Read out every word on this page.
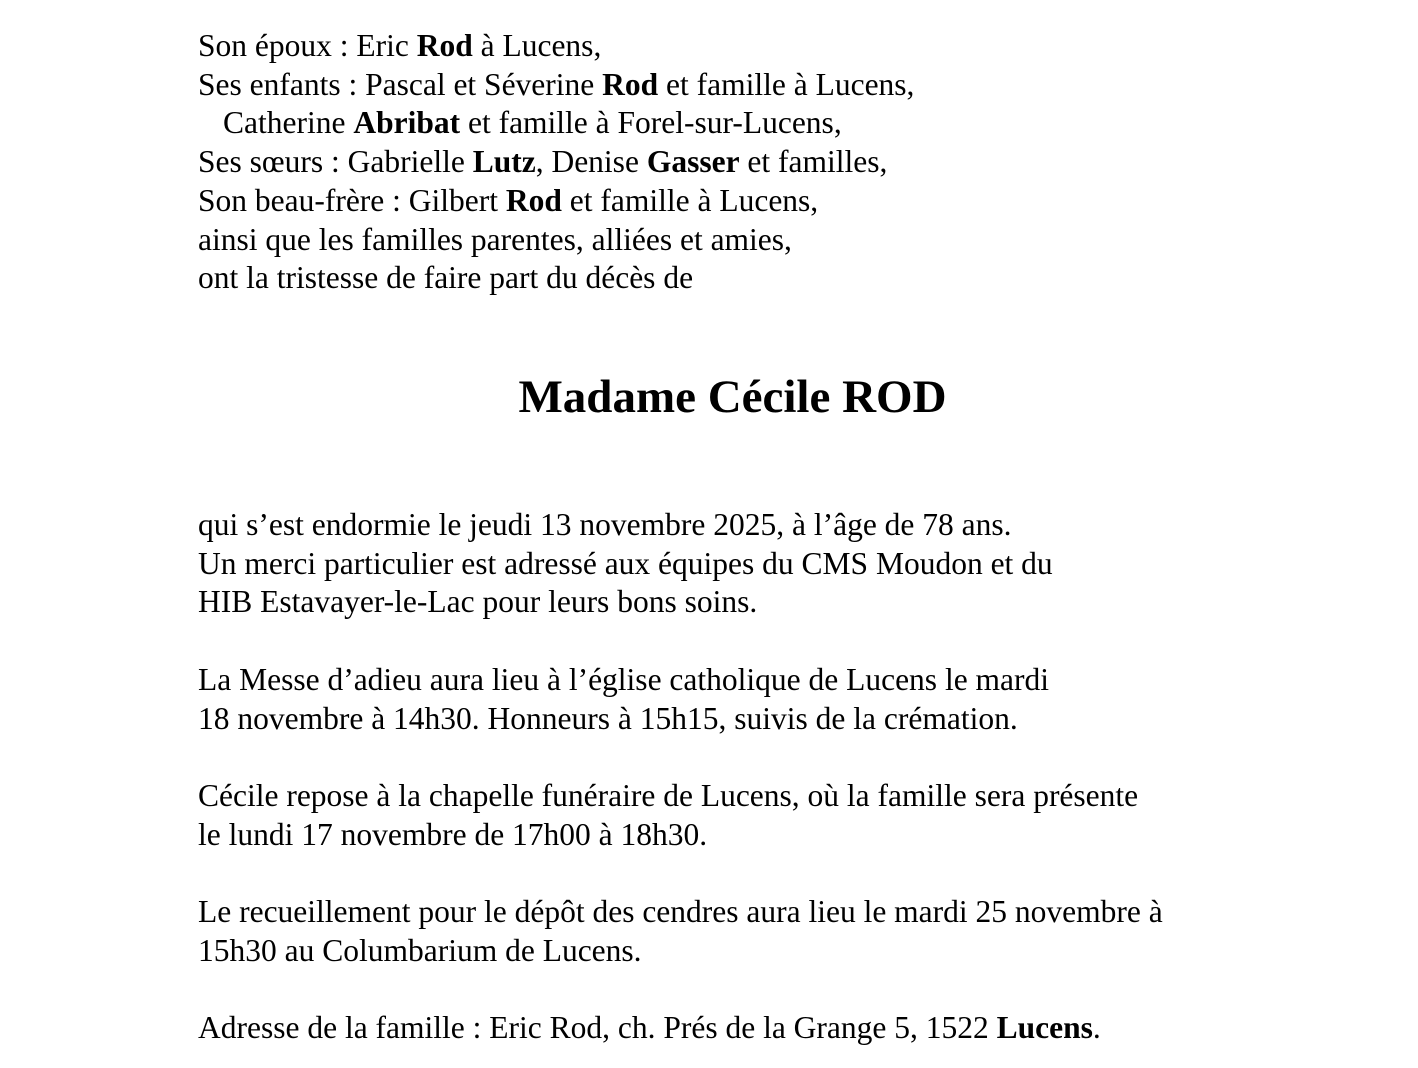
Son époux : Eric Rod à Lucens,
Ses enfants : Pascal et Séverine Rod et famille à Lucens,
Catherine Abribat et famille à Forel-sur-Lucens,
Ses sœurs : Gabrielle Lutz, Denise Gasser et familles,
Son beau-frère : Gilbert Rod et famille à Lucens,
ainsi que les familles parentes, alliées et amies,
ont la tristesse de faire part du décès de
Madame Cécile ROD
qui s’est endormie le jeudi 13 novembre 2025, à l’âge de 78 ans.
Un merci particulier est adressé aux équipes du CMS Moudon et du
HIB Estavayer-le-Lac pour leurs bons soins.
La Messe d’adieu aura lieu à l’église catholique de Lucens le mardi
18 novembre à 14h30. Honneurs à 15h15, suivis de la crémation.
Cécile repose à la chapelle funéraire de Lucens, où la famille sera présente
le lundi 17 novembre de 17h00 à 18h30.
Le recueillement pour le dépôt des cendres aura lieu le mardi 25 novembre à
15h30 au Columbarium de Lucens.
Adresse de la famille : Eric Rod, ch. Prés de la Grange 5, 1522 Lucens.
